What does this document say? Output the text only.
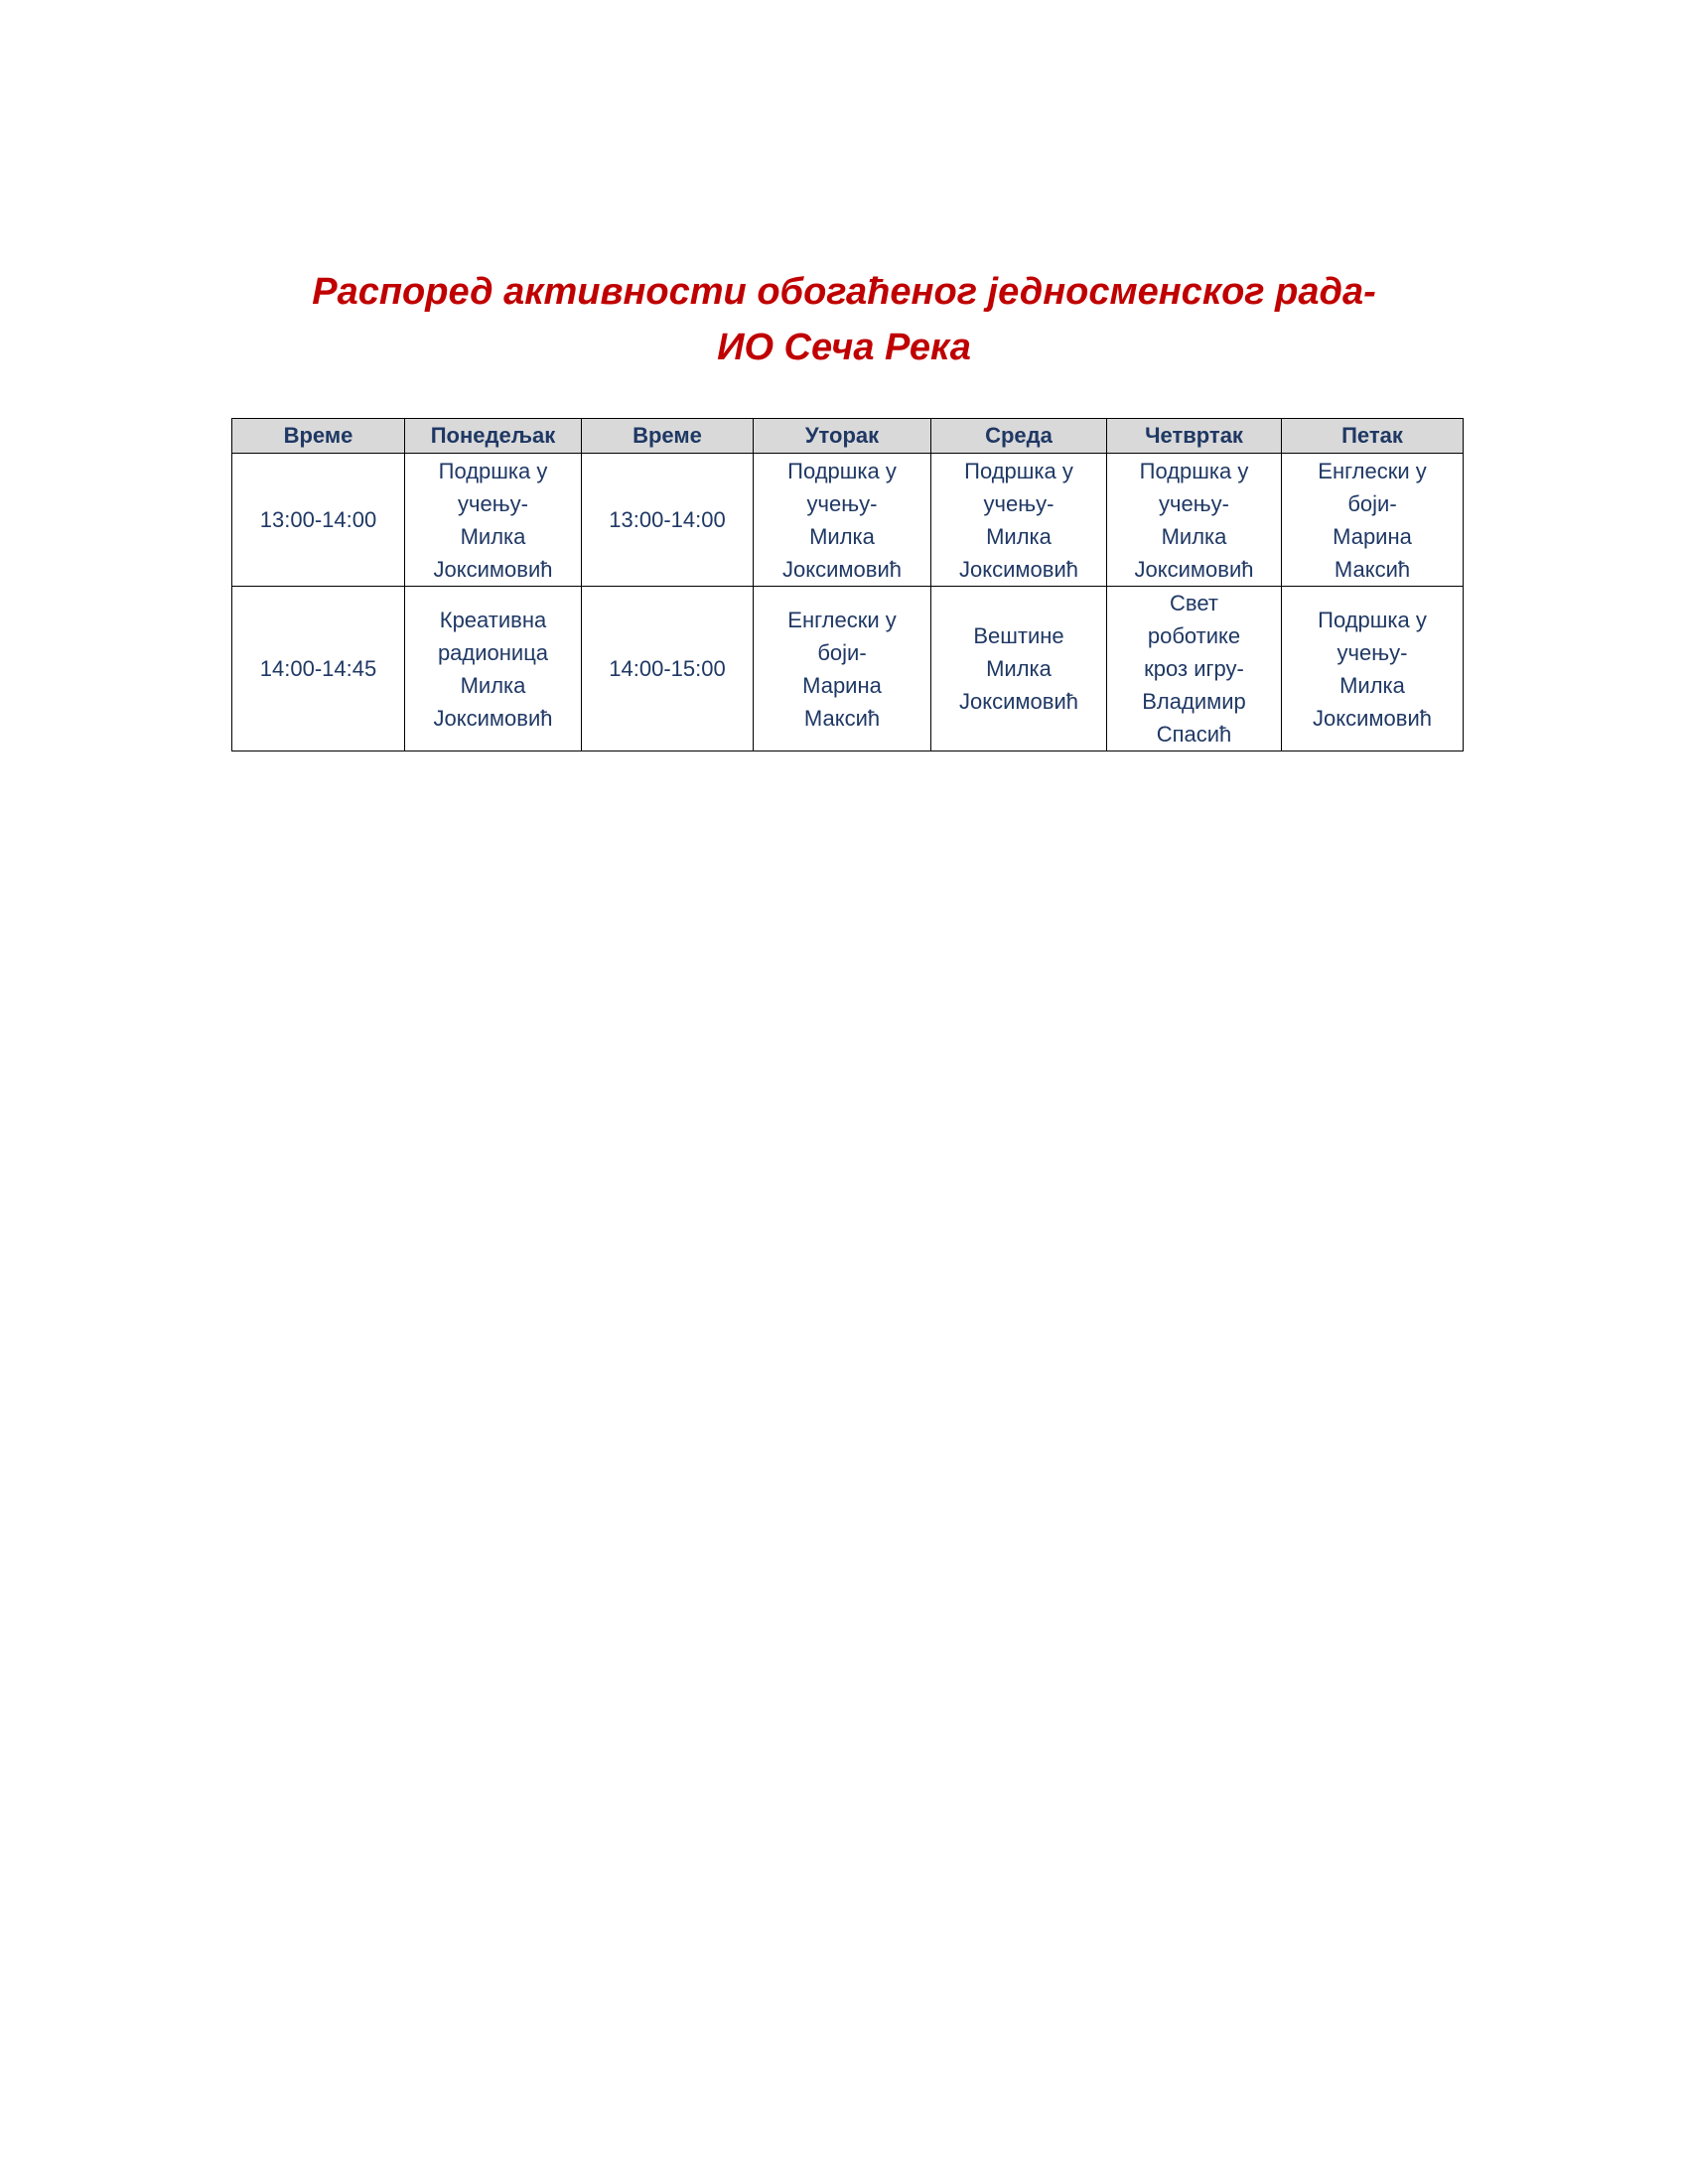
Распоред активности обогаћеног једносменског рада-
ИО Сеча Река
Време	Понедељак	Време	Уторак	Среда	Четвртак	Петак

13:00-14:00	Подршка у
учењу-
Милка
Јоксимовић	13:00-14:00	Подршка у
учењу-
Милка
Јоксимовић	Подршка у
учењу-
Милка
Јоксимовић	Подршка у
учењу-
Милка
Јоксимовић	Енглески у
боји-
Марина
Максић

14:00-14:45	Креативна
радионица
Милка
Јоксимовић	14:00-15:00	Енглески у
боји-
Марина
Максић	Вештине
Милка
Јоксимовић	Свет
роботике
кроз игру-
Владимир
Спасић	Подршка у
учењу-
Милка
Јоксимовић
